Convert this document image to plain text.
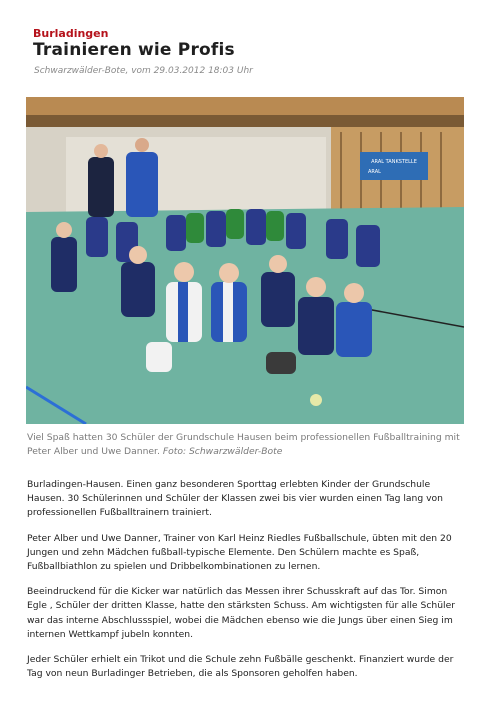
Burladingen
Trainieren wie Profis
Schwarzwälder-Bote, vom 29.03.2012 18:03 Uhr
ARAL TANKSTELLE
ARAL
Viel Spaß hatten 30 Schüler der Grundschule Hausen beim professionellen Fußballtraining mit Peter Alber und Uwe Danner. Foto: Schwarzwälder-Bote

Burladingen-Hausen. Einen ganz besonderen Sporttag erlebten Kinder der Grundschule Hausen. 30 Schülerinnen und Schüler der Klassen zwei bis vier wurden einen Tag lang von professionellen Fußballtrainern trainiert.

Peter Alber und Uwe Danner, Trainer von Karl Heinz Riedles Fußballschule, übten mit den 20 Jungen und zehn Mädchen fußball-typische Elemente. Den Schülern machte es Spaß, Fußballbiathlon zu spielen und Dribbelkombinationen zu lernen.

Beeindruckend für die Kicker war natürlich das Messen ihrer Schusskraft auf das Tor. Simon Egle , Schüler der dritten Klasse, hatte den stärksten Schuss. Am wichtigsten für alle Schüler war das interne Abschlussspiel, wobei die Mädchen ebenso wie die Jungs über einen Sieg im internen Wettkampf jubeln konnten.

Jeder Schüler erhielt ein Trikot und die Schule zehn Fußbälle geschenkt. Finanziert wurde der Tag von neun Burladinger Betrieben, die als Sponsoren geholfen haben.
